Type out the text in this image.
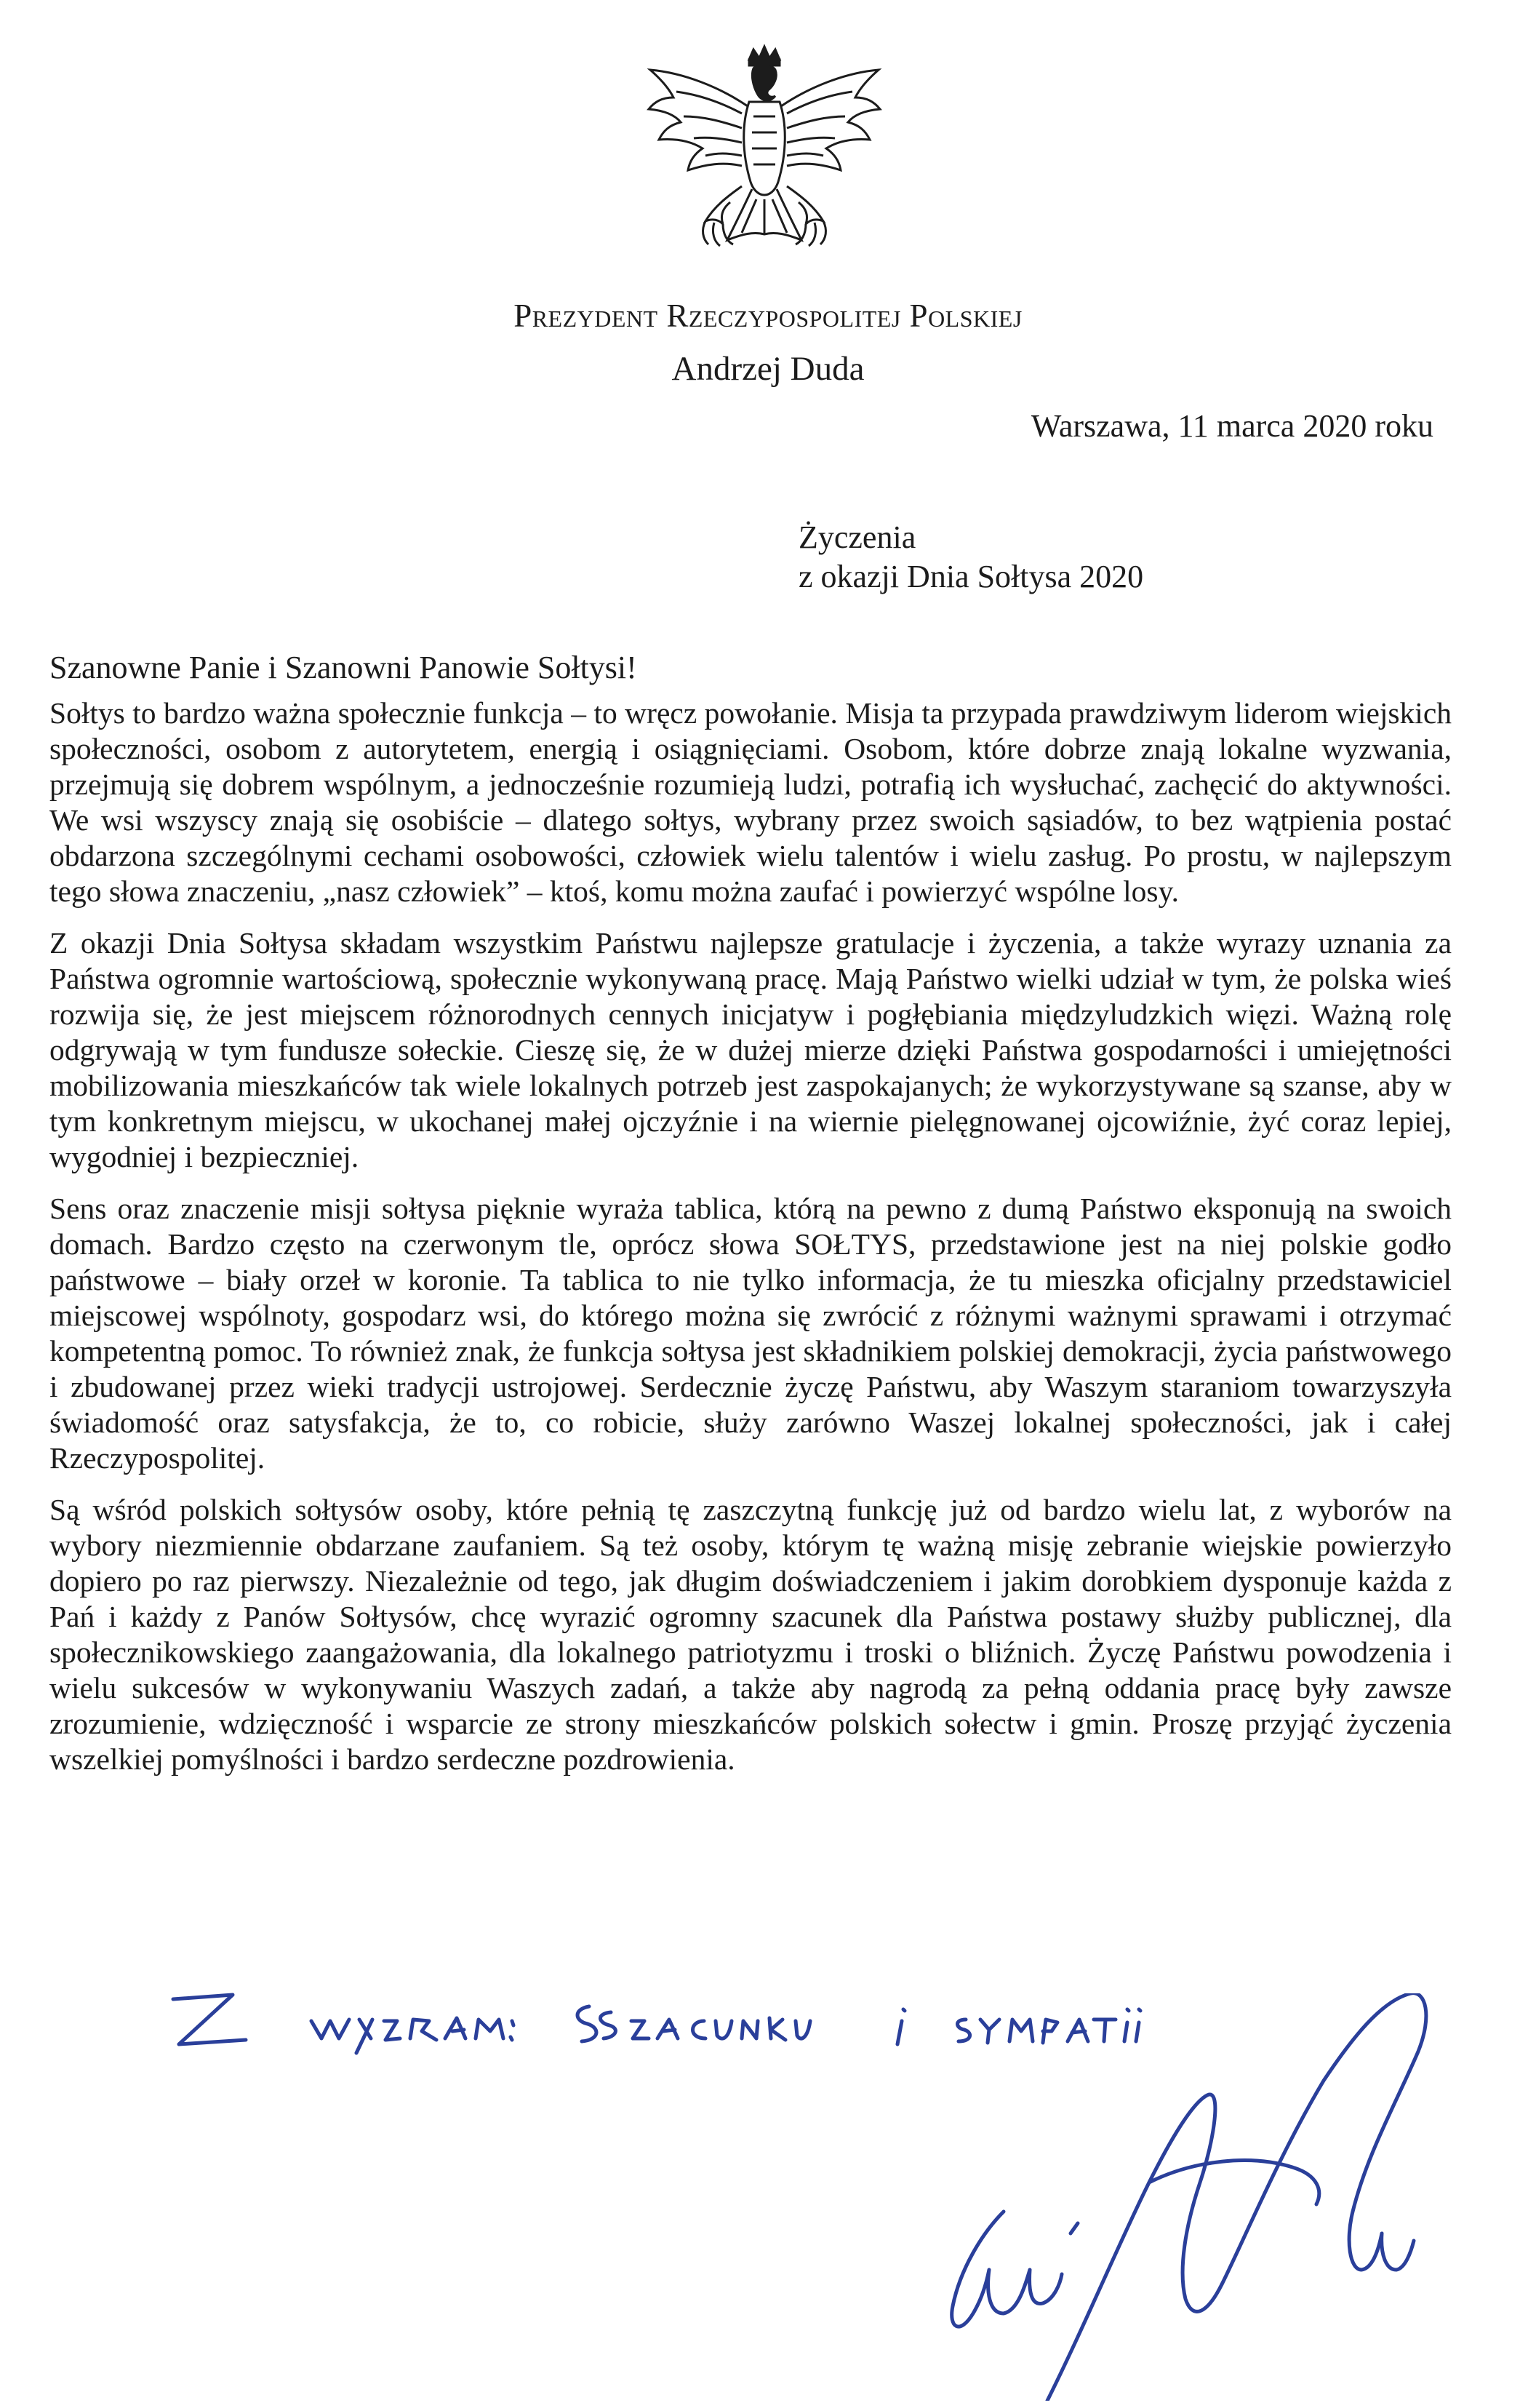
Prezydent Rzeczypospolitej Polskiej
Andrzej Duda
Warszawa, 11 marca 2020 roku
Życzenia
z okazji Dnia Sołtysa 2020
Szanowne Panie i Szanowni Panowie Sołtysi!

Sołtys to bardzo ważna społecznie funkcja – to wręcz powołanie. Misja ta przypada prawdziwym liderom wiejskich społeczności, osobom z autorytetem, energią i osiągnięciami. Osobom, które dobrze znają lokalne wyzwania, przejmują się dobrem wspólnym, a jednocześnie rozumieją ludzi, potrafią ich wysłuchać, zachęcić do aktywności. We wsi wszyscy znają się osobiście – dlatego sołtys, wybrany przez swoich sąsiadów, to bez wątpienia postać obdarzona szczególnymi cechami osobowości, człowiek wielu talentów i wielu zasług. Po prostu, w najlepszym tego słowa znaczeniu, „nasz człowiek” – ktoś, komu można zaufać i powierzyć wspólne losy.

Z okazji Dnia Sołtysa składam wszystkim Państwu najlepsze gratulacje i życzenia, a także wyrazy uznania za Państwa ogromnie wartościową, społecznie wykonywaną pracę. Mają Państwo wielki udział w tym, że polska wieś rozwija się, że jest miejscem różnorodnych cennych inicjatyw i pogłębiania międzyludzkich więzi. Ważną rolę odgrywają w tym fundusze sołeckie. Cieszę się, że w dużej mierze dzięki Państwa gospodarności i umiejętności mobilizowania mieszkańców tak wiele lokalnych potrzeb jest zaspokajanych; że wykorzystywane są szanse, aby w tym konkretnym miejscu, w ukochanej małej ojczyźnie i na wiernie pielęgnowanej ojcowiźnie, żyć coraz lepiej, wygodniej i bezpieczniej.

Sens oraz znaczenie misji sołtysa pięknie wyraża tablica, którą na pewno z dumą Państwo eksponują na swoich domach. Bardzo często na czerwonym tle, oprócz słowa SOŁTYS, przedstawione jest na niej polskie godło państwowe – biały orzeł w koronie. Ta tablica to nie tylko informacja, że tu mieszka oficjalny przedstawiciel miejscowej wspólnoty, gospodarz wsi, do którego można się zwrócić z różnymi ważnymi sprawami i otrzymać kompetentną pomoc. To również znak, że funkcja sołtysa jest składnikiem polskiej demokracji, życia państwowego i zbudowanej przez wieki tradycji ustrojowej. Serdecznie życzę Państwu, aby Waszym staraniom towarzyszyła świadomość oraz satysfakcja, że to, co robicie, służy zarówno Waszej lokalnej społeczności, jak i całej Rzeczypospolitej.

Są wśród polskich sołtysów osoby, które pełnią tę zaszczytną funkcję już od bardzo wielu lat, z wyborów na wybory niezmiennie obdarzane zaufaniem. Są też osoby, którym tę ważną misję zebranie wiejskie powierzyło dopiero po raz pierwszy. Niezależnie od tego, jak długim doświadczeniem i jakim dorobkiem dysponuje każda z Pań i każdy z Panów Sołtysów, chcę wyrazić ogromny szacunek dla Państwa postawy służby publicznej, dla społecznikowskiego zaangażowania, dla lokalnego patriotyzmu i troski o bliźnich. Życzę Państwu powodzenia i wielu sukcesów w wykonywaniu Waszych zadań, a także aby nagrodą za pełną oddania pracę były zawsze zrozumienie, wdzięczność i wsparcie ze strony mieszkańców polskich sołectw i gmin. Proszę przyjąć życzenia wszelkiej pomyślności i bardzo serdeczne pozdrowienia.
